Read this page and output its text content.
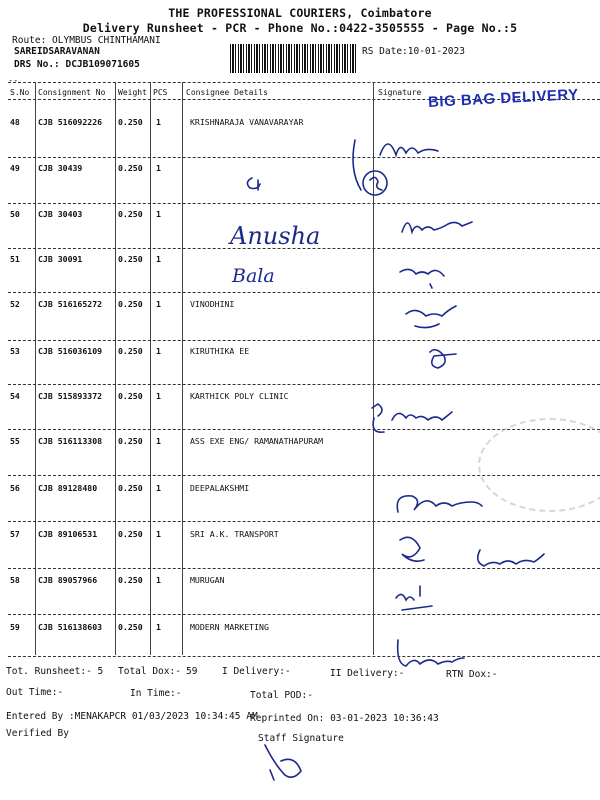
THE PROFESSIONAL COURIERS, Coimbatore
Delivery Runsheet - PCR - Phone No.:0422-3505555 - Page No.:5
Route: OLYMBUS CHINTHAMANI
SAREIDSARAVANAN
DRS No.: DCJB109071605
RS Date:10-01-2023
--
S.No Consignment No Weight PCS Consignee Details	Signature
48 CJB 516092226 0.250 1	KRISHNARAJA VANAVARAYAR
49 CJB 30439	0.250 1
50 CJB 30403	0.250 1
51 CJB 30091	0.250 1
52 CJB 516165272 0.250 1	VINODHINI
53 CJB 516036109 0.250 1	KIRUTHIKA EE
54 CJB 515893372 0.250 1	KARTHICK POLY CLINIC
55 CJB 516113308 0.250 1	ASS EXE ENG/ RAMANATHAPURAM
56 CJB 89128480	0.250 1	DEEPALAKSHMI
57 CJB 89106531	0.250 1	SRI A.K. TRANSPORT
58 CJB 89057966	0.250 1	MURUGAN
59 CJB 516138603 0.250 1	MODERN MARKETING
BIG BAG DELIVERY
Anusha
Bala
Tot. Runsheet:- 5 Total Dox:- 59	I Delivery:-	II Delivery:-	RTN Dox:-
Out Time:-	In Time:-	Total POD:-
Entered By :MENAKAPCR 01/03/2023 10:34:45 AM
Reprinted On: 03-01-2023 10:36:43
Verified By	Staff Signature
